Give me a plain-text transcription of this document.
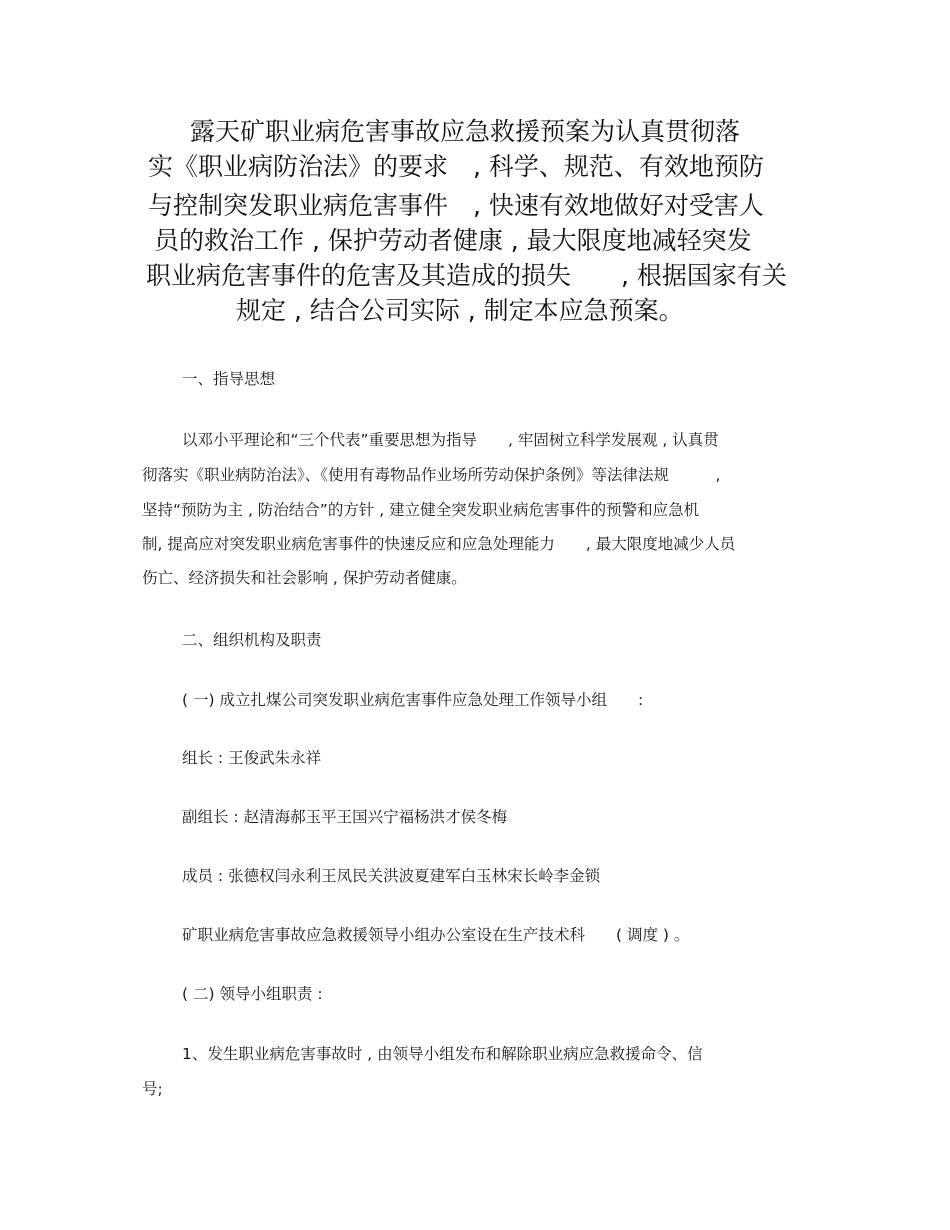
露天矿职业病危害事故应急救援预案为认真贯彻落
实《职业病防治法》的要求　, 科学、规范、有效地预防
与控制突发职业病危害事件　, 快速有效地做好对受害人
员的救治工作 , 保护劳动者健康 , 最大限度地减轻突发
职业病危害事件的危害及其造成的损失　　, 根据国家有关
规定 , 结合公司实际 , 制定本应急预案。
一、指导思想
以邓小平理论和“三个代表”重要思想为指导　　, 牢固树立科学发展观 , 认真贯
彻落实《职业病防治法》、《使用有毒物品作业场所劳动保护条例》等法律法规　　　,
坚持“预防为主 , 防治结合”的方针 , 建立健全突发职业病危害事件的预警和应急机
制, 提高应对突发职业病危害事件的快速反应和应急处理能力　　, 最大限度地减少人员
伤亡、经济损失和社会影响 , 保护劳动者健康。
二、组织机构及职责
( 一) 成立扎煤公司突发职业病危害事件应急处理工作领导小组　　:
组长 : 王俊武朱永祥
副组长 : 赵清海郝玉平王国兴宁福杨洪才侯冬梅
成员 : 张德权闫永利王凤民关洪波夏建军白玉林宋长岭李金锁
矿职业病危害事故应急救援领导小组办公室设在生产技术科　　( 调度 ) 。
( 二) 领导小组职责 :
1、发生职业病危害事故时 , 由领导小组发布和解除职业病应急救援命令、信
号;
